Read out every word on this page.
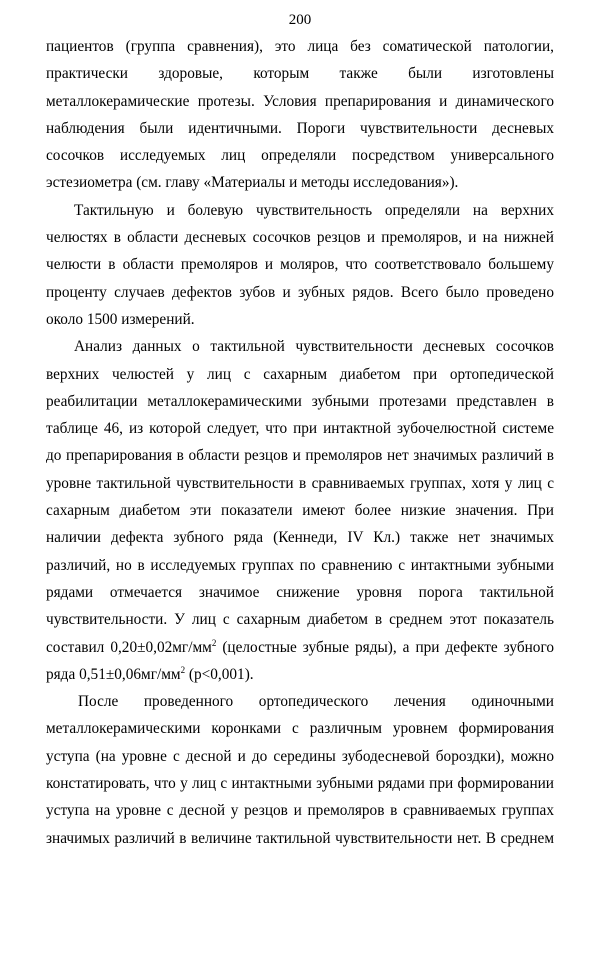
200
пациентов (группа сравнения), это лица без соматической патологии,
практически здоровые, которым также были изготовлены
металлокерамические протезы. Условия препарирования и динамического
наблюдения были идентичными. Пороги чувствительности десневых
сосочков исследуемых лиц определяли посредством универсального
эстезиометра (см. главу «Материалы и методы исследования»).
Тактильную и болевую чувствительность определяли на верхних
челюстях в области десневых сосочков резцов и премоляров, и на нижней
челюсти в области премоляров и моляров, что соответствовало большему
проценту случаев дефектов зубов и зубных рядов. Всего было проведено
около 1500 измерений.
Анализ данных о тактильной чувствительности десневых сосочков
верхних челюстей у лиц с сахарным диабетом при ортопедической
реабилитации металлокерамическими зубными протезами представлен в
таблице 46, из которой следует, что при интактной зубочелюстной системе
до препарирования в области резцов и премоляров нет значимых различий в
уровне тактильной чувствительности в сравниваемых группах, хотя у лиц с
сахарным диабетом эти показатели имеют более низкие значения. При
наличии дефекта зубного ряда (Кеннеди, IV Кл.) также нет значимых
различий, но в исследуемых группах по сравнению с интактными зубными
рядами отмечается значимое снижение уровня порога тактильной
чувствительности. У лиц с сахарным диабетом в среднем этот показатель
составил $0,20\pm 0,02мг/мм^2$ (целостные зубные ряды), а при дефекте зубного
ряда $0,51\pm 0,06мг/мм^2$ (р<0,001).
После проведенного ортопедического лечения одиночными
металлокерамическими коронками с различным уровнем формирования
уступа (на уровне с десной и до середины зубодесневой бороздки), можно
констатировать, что у лиц с интактными зубными рядами при формировании
уступа на уровне с десной у резцов и премоляров в сравниваемых группах
значимых различий в величине тактильной чувствительности нет. В среднем
